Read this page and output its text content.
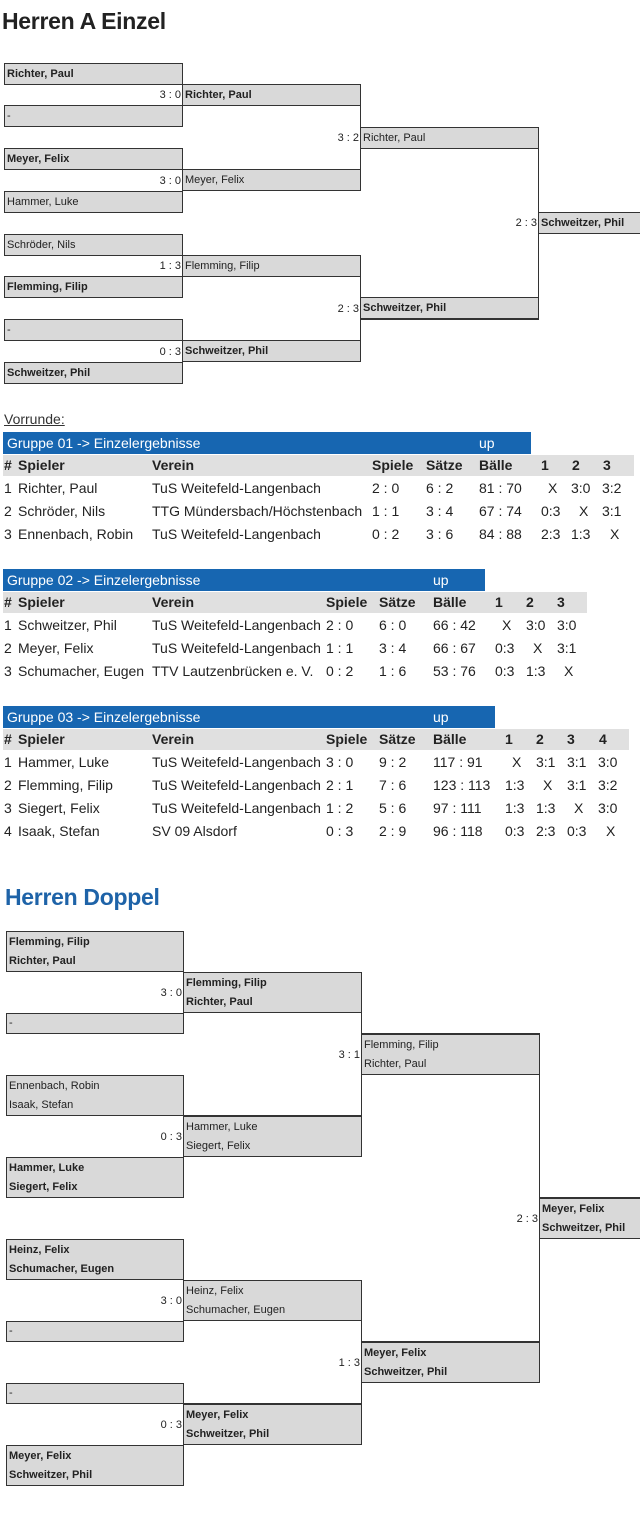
Herren A Einzel
Richter, Paul
-
Meyer, Felix
Hammer, Luke
Schröder, Nils
Flemming, Filip
-
Schweitzer, Phil
3 : 0 Richter, Paul
3 : 0 Meyer, Felix
1 : 3 Flemming, Filip
0 : 3 Schweitzer, Phil
3 : 2 Richter, Paul
2 : 3 Schweitzer, Phil
2 : 3 Schweitzer, Phil
Vorrunde:
Gruppe 01 -> Einzelergebnisse	up
# Spieler	Verein	Spiele Sätze Bälle 1 2 3
1 Richter, Paul	TuS Weitefeld-Langenbach	2 : 0 6 : 2 81 : 70 X 3:0 3:2
2 Schröder, Nils	TTG Mündersbach/Höchstenbach 1 : 1 3 : 4 67 : 74 0:3 X 3:1
3 Ennenbach, Robin TuS Weitefeld-Langenbach	0 : 2 3 : 6 84 : 88 2:3 1:3 X
Gruppe 02 -> Einzelergebnisse	up
# Spieler	Verein	Spiele Sätze Bälle 1 2 3
1 Schweitzer, Phil	TuS Weitefeld-Langenbach 2 : 0 6 : 0 66 : 42 X 3:0 3:0
2 Meyer, Felix	TuS Weitefeld-Langenbach 1 : 1 3 : 4 66 : 67 0:3 X 3:1
3 Schumacher, Eugen TTV Lautzenbrücken e. V. 0 : 2 1 : 6 53 : 76 0:3 1:3 X
Gruppe 03 -> Einzelergebnisse	up
# Spieler	Verein	Spiele Sätze Bälle	1 2 3 4
1 Hammer, Luke	TuS Weitefeld-Langenbach 3 : 0 9 : 2 117 : 91 X 3:1 3:1 3:0
2 Flemming, Filip	TuS Weitefeld-Langenbach 2 : 1 7 : 6 123 : 113 1:3 X 3:1 3:2
3 Siegert, Felix	TuS Weitefeld-Langenbach 1 : 2 5 : 6 97 : 111 1:3 1:3 X 3:0
4 Isaak, Stefan	SV 09 Alsdorf	0 : 3 2 : 9 96 : 118 0:3 2:3 0:3 X
Herren Doppel
Flemming, Filip
Richter, Paul
-
Ennenbach, Robin
Isaak, Stefan
Hammer, Luke
Siegert, Felix
Heinz, Felix
Schumacher, Eugen
-
-
Meyer, Felix
Schweitzer, Phil
3 : 0
Flemming, Filip
Richter, Paul
0 : 3
Hammer, Luke
Siegert, Felix
3 : 0
Heinz, Felix
Schumacher, Eugen
0 : 3
Meyer, Felix
Schweitzer, Phil
3 : 1
Flemming, Filip
Richter, Paul
1 : 3
Meyer, Felix
Schweitzer, Phil
2 : 3
Meyer, Felix
Schweitzer, Phil
